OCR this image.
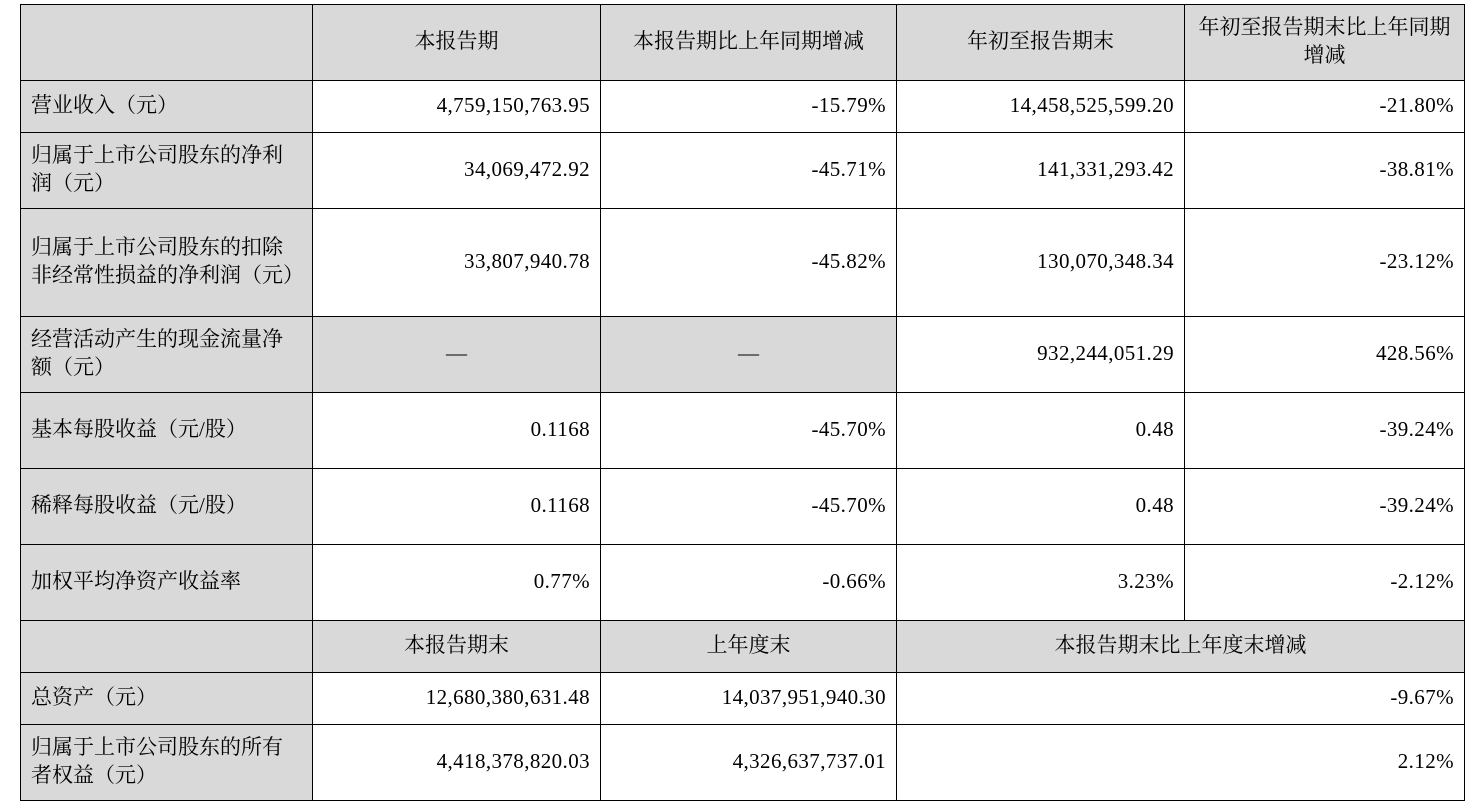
	本报告期	本报告期比上年同期增减	年初至报告期末	年初至报告期末比上年同期增减
营业收入（元）	4,759,150,763.95	-15.79%	14,458,525,599.20	-21.80%
归属于上市公司股东的净利润（元）	34,069,472.92	-45.71%	141,331,293.42	-38.81%
归属于上市公司股东的扣除非经常性损益的净利润（元）	33,807,940.78	-45.82%	130,070,348.34	-23.12%
经营活动产生的现金流量净额（元）	—	—	932,244,051.29	428.56%
基本每股收益（元/股）	0.1168	-45.70%	0.48	-39.24%
稀释每股收益（元/股）	0.1168	-45.70%	0.48	-39.24%
加权平均净资产收益率	0.77%	-0.66%	3.23%	-2.12%
	本报告期末	上年度末	本报告期末比上年度末增减	
总资产（元）	12,680,380,631.48	14,037,951,940.30	-9.67%	
归属于上市公司股东的所有者权益（元）	4,418,378,820.03	4,326,637,737.01	2.12%	
